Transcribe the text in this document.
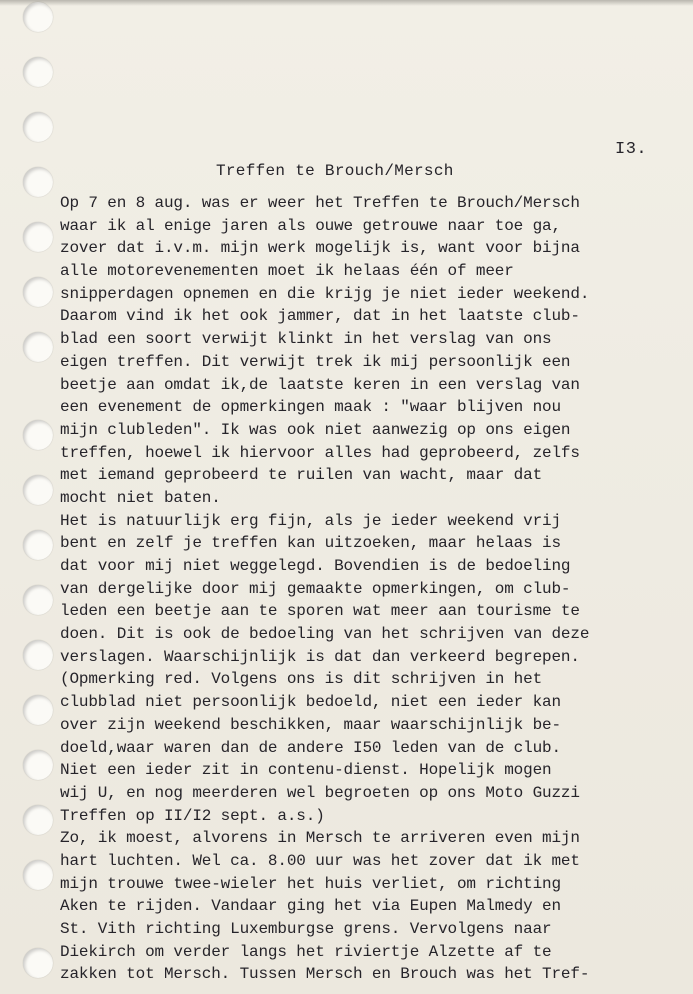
I3.
Treffen te Brouch/Mersch
Op 7 en 8 aug. was er weer het Treffen te Brouch/Mersch
waar ik al enige jaren als ouwe getrouwe naar toe ga,
zover dat i.v.m. mijn werk mogelijk is, want voor bijna
alle motorevenementen moet ik helaas één of meer
snipperdagen opnemen en die krijg je niet ieder weekend.
Daarom vind ik het ook jammer, dat in het laatste club-
blad een soort verwijt klinkt in het verslag van ons
eigen treffen. Dit verwijt trek ik mij persoonlijk een
beetje aan omdat ik,de laatste keren in een verslag van
een evenement de opmerkingen maak : "waar blijven nou
mijn clubleden". Ik was ook niet aanwezig op ons eigen
treffen, hoewel ik hiervoor alles had geprobeerd, zelfs
met iemand geprobeerd te ruilen van wacht, maar dat
mocht niet baten.
Het is natuurlijk erg fijn, als je ieder weekend vrij
bent en zelf je treffen kan uitzoeken, maar helaas is
dat voor mij niet weggelegd. Bovendien is de bedoeling
van dergelijke door mij gemaakte opmerkingen, om club-
leden een beetje aan te sporen wat meer aan tourisme te
doen. Dit is ook de bedoeling van het schrijven van deze
verslagen. Waarschijnlijk is dat dan verkeerd begrepen.
(Opmerking red. Volgens ons is dit schrijven in het
clubblad niet persoonlijk bedoeld, niet een ieder kan
over zijn weekend beschikken, maar waarschijnlijk be-
doeld,waar waren dan de andere I50 leden van de club.
Niet een ieder zit in contenu-dienst. Hopelijk mogen
wij U, en nog meerderen wel begroeten op ons Moto Guzzi
Treffen op II/I2 sept. a.s.)
Zo, ik moest, alvorens in Mersch te arriveren even mijn
hart luchten. Wel ca. 8.00 uur was het zover dat ik met
mijn trouwe twee-wieler het huis verliet, om richting
Aken te rijden. Vandaar ging het via Eupen Malmedy en
St. Vith richting Luxemburgse grens. Vervolgens naar
Diekirch om verder langs het riviertje Alzette af te
zakken tot Mersch. Tussen Mersch en Brouch was het Tref-
